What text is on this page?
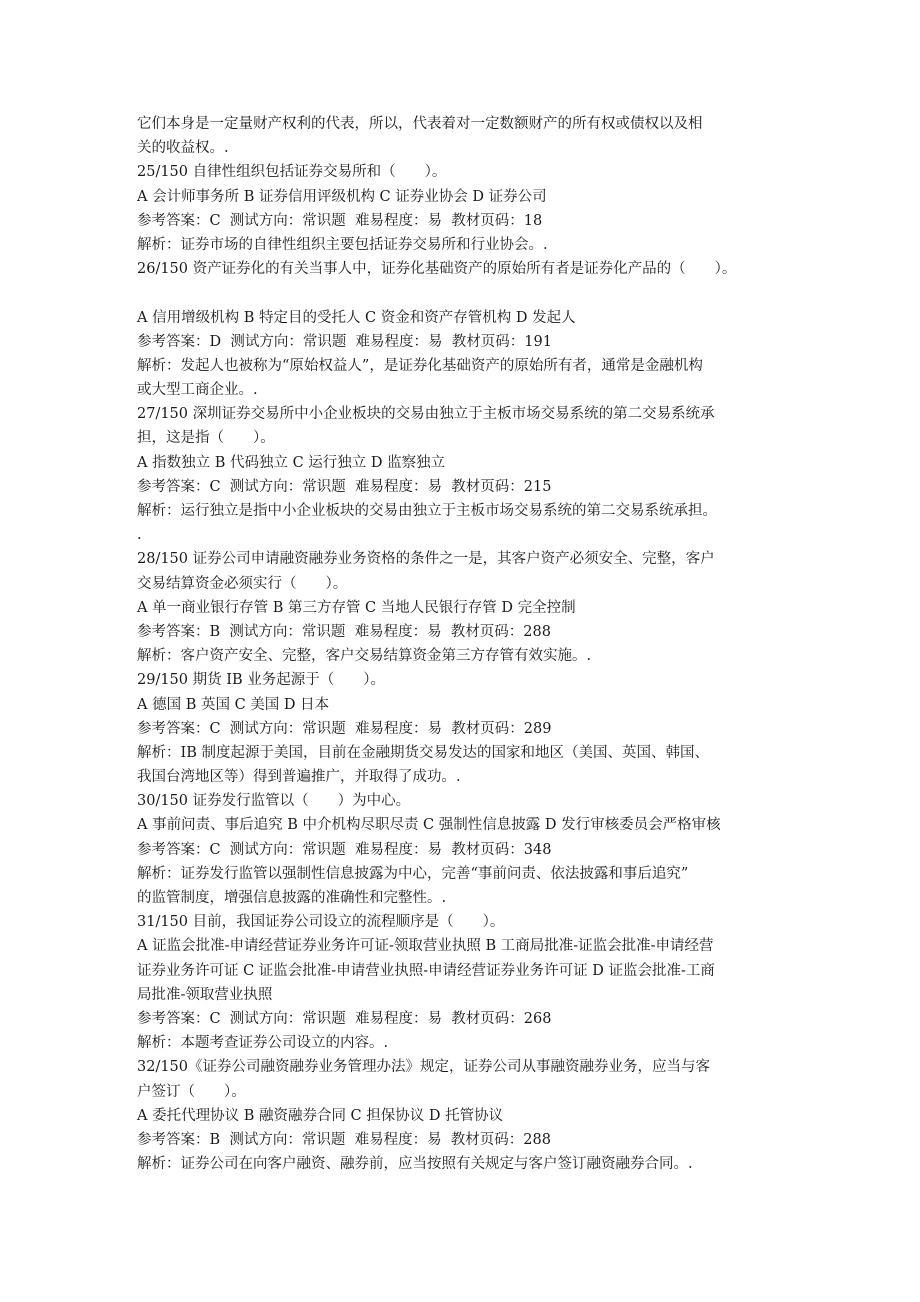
它们本身是一定量财产权利的代表，所以，代表着对一定数额财产的所有权或债权以及相
关的收益权。.
25/150 自律性组织包括证券交易所和（　　）。
A 会计师事务所 B 证券信用评级机构 C 证券业协会 D 证券公司
参考答案：C  测试方向：常识题  难易程度：易  教材页码：18
解析：证券市场的自律性组织主要包括证券交易所和行业协会。.
26/150 资产证券化的有关当事人中，证券化基础资产的原始所有者是证券化产品的（　　）。
A 信用增级机构 B 特定目的受托人 C 资金和资产存管机构 D 发起人
参考答案：D  测试方向：常识题  难易程度：易  教材页码：191
解析：发起人也被称为“原始权益人”，是证券化基础资产的原始所有者，通常是金融机构
或大型工商企业。.
27/150 深圳证券交易所中小企业板块的交易由独立于主板市场交易系统的第二交易系统承
担，这是指（　　）。
A 指数独立 B 代码独立 C 运行独立 D 监察独立
参考答案：C  测试方向：常识题  难易程度：易  教材页码：215
解析：运行独立是指中小企业板块的交易由独立于主板市场交易系统的第二交易系统承担。
.
28/150 证券公司申请融资融券业务资格的条件之一是，其客户资产必须安全、完整，客户
交易结算资金必须实行（　　）。
A 单一商业银行存管 B 第三方存管 C 当地人民银行存管 D 完全控制
参考答案：B  测试方向：常识题  难易程度：易  教材页码：288
解析：客户资产安全、完整，客户交易结算资金第三方存管有效实施。.
29/150 期货 IB 业务起源于（　　）。
A 德国 B 英国 C 美国 D 日本
参考答案：C  测试方向：常识题  难易程度：易  教材页码：289
解析：IB 制度起源于美国，目前在金融期货交易发达的国家和地区（美国、英国、韩国、
我国台湾地区等）得到普遍推广，并取得了成功。.
30/150 证券发行监管以（　　）为中心。
A 事前问责、事后追究 B 中介机构尽职尽责 C 强制性信息披露 D 发行审核委员会严格审核
参考答案：C  测试方向：常识题  难易程度：易  教材页码：348
解析：证券发行监管以强制性信息披露为中心，完善“事前问责、依法披露和事后追究”
的监管制度，增强信息披露的准确性和完整性。.
31/150 目前，我国证券公司设立的流程顺序是（　　）。
A 证监会批准-申请经营证券业务许可证-领取营业执照 B 工商局批准-证监会批准-申请经营
证券业务许可证 C 证监会批准-申请营业执照-申请经营证券业务许可证 D 证监会批准-工商
局批准-领取营业执照
参考答案：C  测试方向：常识题  难易程度：易  教材页码：268
解析：本题考查证券公司设立的内容。.
32/150《证券公司融资融券业务管理办法》规定，证券公司从事融资融券业务，应当与客
户签订（　　）。
A 委托代理协议 B 融资融券合同 C 担保协议 D 托管协议
参考答案：B  测试方向：常识题  难易程度：易  教材页码：288
解析：证券公司在向客户融资、融券前，应当按照有关规定与客户签订融资融券合同。.
